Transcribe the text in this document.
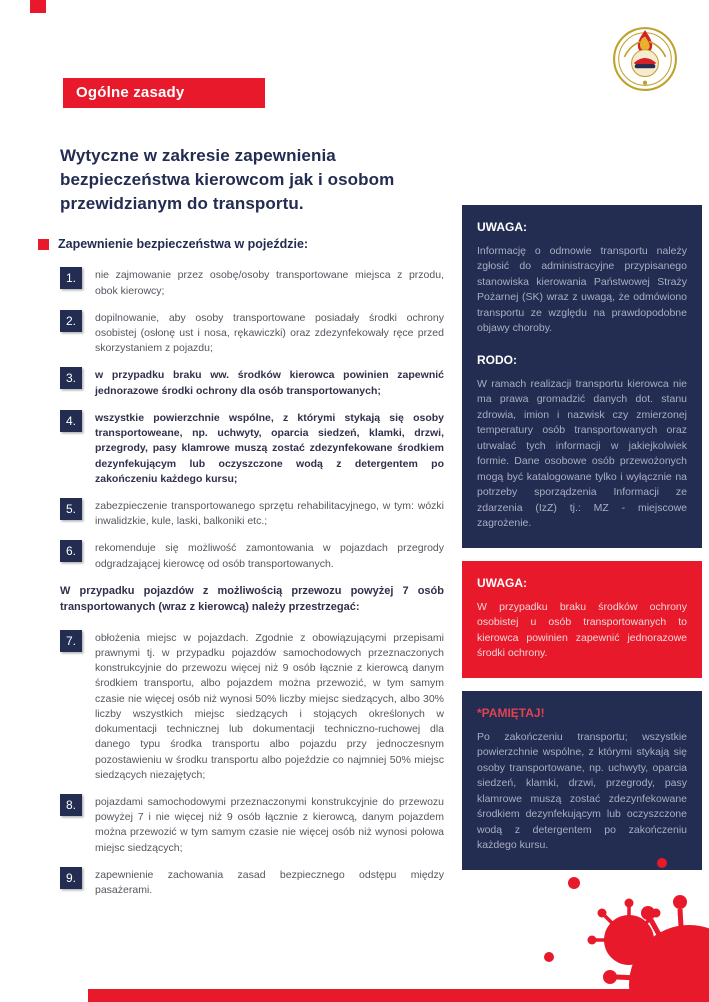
Ogólne zasady
Wytyczne w zakresie zapewnienia bezpieczeństwa kierowcom jak i osobom przewidzianym do transportu.
Zapewnienie bezpieczeństwa w pojeździe:
1.	nie zajmowanie przez osobę/osoby transportowane miejsca z przodu, obok kierowcy;
2.	dopilnowanie, aby osoby transportowane posiadały środki ochrony osobistej (osłonę ust i nosa, rękawiczki) oraz zdezynfekowały ręce przed skorzystaniem z pojazdu;
3.	w przypadku braku ww. środków kierowca powinien zapewnić jednorazowe środki ochrony dla osób transportowanych;
4.	wszystkie powierzchnie wspólne, z którymi stykają się osoby transportoweane, np. uchwyty, oparcia siedzeń, klamki, drzwi, przegrody, pasy klamrowe muszą zostać zdezynfekowane środkiem dezynfekującym lub oczyszczone wodą z detergentem po zakończeniu każdego kursu;
5.	zabezpieczenie transportowanego sprzętu rehabilitacyjnego, w tym: wózki inwalidzkie, kule, laski, balkoniki etc.;
6.	rekomenduje się możliwość zamontowania w pojazdach przegrody odgradzającej kierowcę od osób transportowanych.
W przypadku pojazdów z możliwością przewozu powyżej 7 osób transportowanych (wraz z kierowcą) należy przestrzegać:
7.	obłożenia miejsc w pojazdach. Zgodnie z obowiązującymi przepisami prawnymi tj. w przypadku pojazdów samochodowych przeznaczonych konstrukcyjnie do przewozu więcej niż 9 osób łącznie z kierowcą danym środkiem transportu, albo pojazdem można przewozić, w tym samym czasie nie więcej osób niż wynosi 50% liczby miejsc siedzących, albo 30% liczby wszystkich miejsc siedzących i stojących określonych w dokumentacji technicznej lub dokumentacji techniczno-ruchowej dla danego typu środka transportu albo pojazdu przy jednoczesnym pozostawieniu w środku transportu albo pojeździe co najmniej 50% miejsc siedzących niezajętych;
8.	pojazdami samochodowymi przeznaczonymi konstrukcyjnie do przewozu powyżej 7 i nie więcej niż 9 osób łącznie z kierowcą, danym pojazdem można przewozić w tym samym czasie nie więcej osób niż wynosi połowa miejsc siedzących;
9.	zapewnienie zachowania zasad bezpiecznego odstępu między pasażerami.
UWAGA:

Informację o odmowie transportu należy zgłosić do administracyjne przypisanego stanowiska kierowania Państwowej Straży Pożarnej (SK) wraz z uwagą, że odmówiono transportu ze względu na prawdopodobne objawy choroby.

RODO:

W ramach realizacji transportu kierowca nie ma prawa gromadzić danych dot. stanu zdrowia, imion i nazwisk czy zmierzonej temperatury osób transportowanych oraz utrwalać tych informacji w jakiejkolwiek formie. Dane osobowe osób przewożonych mogą być katalogowane tylko i wyłącznie na potrzeby sporządzenia Informacji ze zdarzenia (IzZ) tj.: MZ - miejscowe zagrożenie.

UWAGA:

W przypadku braku środków ochrony osobistej u osób transportowanych to kierowca powinien zapewnić jednorazowe środki ochrony.

*PAMIĘTAJ!

Po zakończeniu transportu; wszystkie powierzchnie wspólne, z którymi stykają się osoby transportowane, np. uchwyty, oparcia siedzeń, klamki, drzwi, przegrody, pasy klamrowe muszą zostać zdezynfekowane środkiem dezynfekującym lub oczyszczone wodą z detergentem po zakończeniu każdego kursu.
